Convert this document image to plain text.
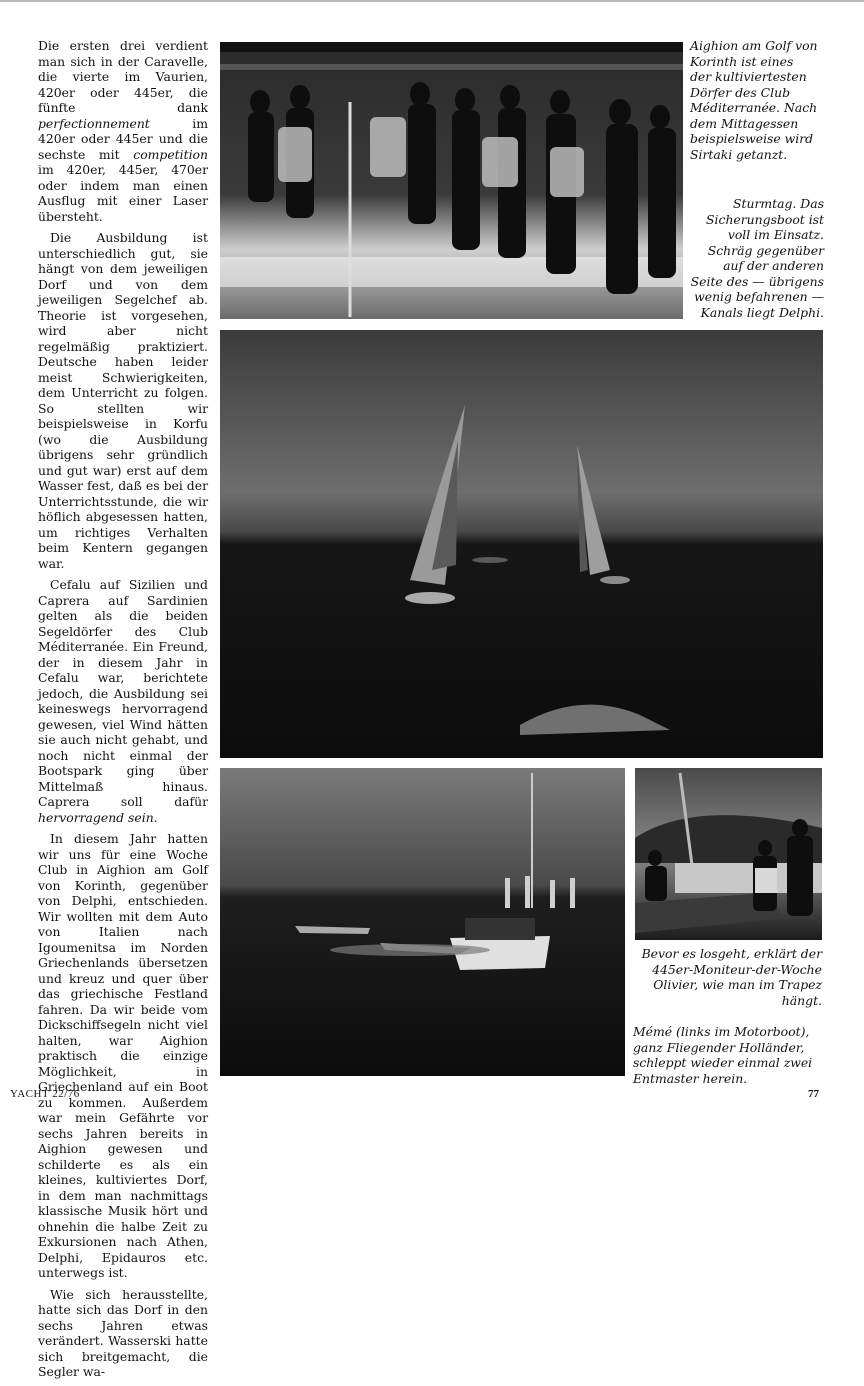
Die ersten drei verdient man sich in der Caravelle, die vierte im Vaurien, 420er oder 445er, die fünfte dank perfectionnement im 420er oder 445er und die sechste mit competition im 420er, 445er, 470er oder indem man einen Ausflug mit einer Laser übersteht.

Die Ausbildung ist unterschiedlich gut, sie hängt von dem jeweiligen Dorf und von dem jeweiligen Segelchef ab. Theorie ist vorgesehen, wird aber nicht regelmäßig praktiziert. Deutsche haben leider meist Schwierigkeiten, dem Unterricht zu folgen. So stellten wir beispielsweise in Korfu (wo die Ausbildung übrigens sehr gründlich und gut war) erst auf dem Wasser fest, daß es bei der Unterrichtsstunde, die wir höflich abgesessen hatten, um richtiges Verhalten beim Kentern gegangen war.

Cefalu auf Sizilien und Caprera auf Sardinien gelten als die beiden Segeldörfer des Club Méditerranée. Ein Freund, der in diesem Jahr in Cefalu war, berichtete jedoch, die Ausbildung sei keineswegs hervorragend gewesen, viel Wind hätten sie auch nicht gehabt, und noch nicht einmal der Bootspark ging über Mittelmaß hinaus. Caprera soll dafür hervorragend sein.

In diesem Jahr hatten wir uns für eine Woche Club in Aighion am Golf von Korinth, gegenüber von Delphi, entschieden. Wir wollten mit dem Auto von Italien nach Igoumenitsa im Norden Griechenlands übersetzen und kreuz und quer über das griechische Festland fahren. Da wir beide vom Dickschiffsegeln nicht viel halten, war Aighion praktisch die einzige Möglichkeit, in Griechenland auf ein Boot zu kommen. Außerdem war mein Gefährte vor sechs Jahren bereits in Aighion gewesen und schilderte es als ein kleines, kultiviertes Dorf, in dem man nachmittags klassische Musik hört und ohnehin die halbe Zeit zu Exkursionen nach Athen, Delphi, Epidauros etc. unterwegs ist.

Wie sich herausstellte, hatte sich das Dorf in den sechs Jahren etwas verändert. Wasserski hatte sich breitgemacht, die Segler wa-

Aighion am Golf von Korinth ist eines der kultiviertesten Dörfer des Club Méditerranée. Nach dem Mittagessen beispielsweise wird Sirtaki getanzt.
Sturmtag. Das Sicherungsboot ist voll im Einsatz. Schräg gegenüber auf der anderen Seite des — übrigens wenig befahrenen — Kanals liegt Delphi.
Bevor es losgeht, erklärt der 445er-Moniteur-der-Woche Olivier, wie man im Trapez hängt.
Mémé (links im Motorboot), ganz Fliegender Holländer, schleppt wieder einmal zwei Entmaster herein.
YACHT 22/76	77
